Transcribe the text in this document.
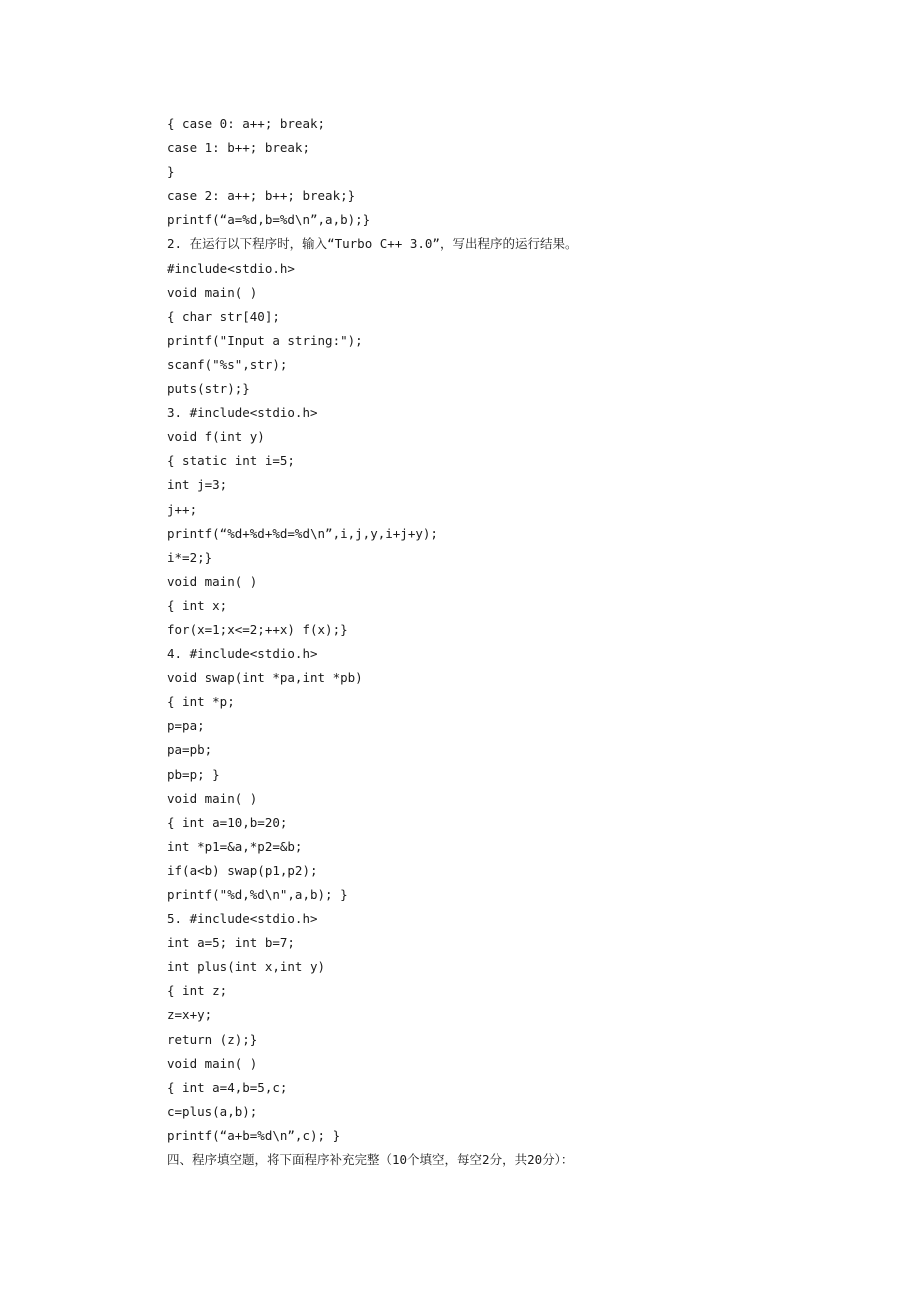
{ case 0: a++; break;
case 1: b++; break;
}
case 2: a++; b++; break;}
printf(“a=%d,b=%d\n”,a,b);}
2. 在运行以下程序时，输入“Turbo C++ 3.0”，写出程序的运行结果。
#include<stdio.h>
void main( )
{ char str[40];
printf("Input a string:");
scanf("%s",str);
puts(str);}
3. #include<stdio.h>
void f(int y)
{ static int i=5;
int j=3;
j++;
printf(“%d+%d+%d=%d\n”,i,j,y,i+j+y);
i*=2;}
void main( )
{ int x;
for(x=1;x<=2;++x) f(x);}
4. #include<stdio.h>
void swap(int *pa,int *pb)
{ int *p;
p=pa;
pa=pb;
pb=p; }
void main( )
{ int a=10,b=20;
int *p1=&a,*p2=&b;
if(a<b) swap(p1,p2);
printf("%d,%d\n",a,b); }
5. #include<stdio.h>
int a=5; int b=7;
int plus(int x,int y)
{ int z;
z=x+y;
return (z);}
void main( )
{ int a=4,b=5,c;
c=plus(a,b);
printf(“a+b=%d\n”,c); }
四、程序填空题，将下面程序补充完整（10个填空，每空2分，共20分）：
